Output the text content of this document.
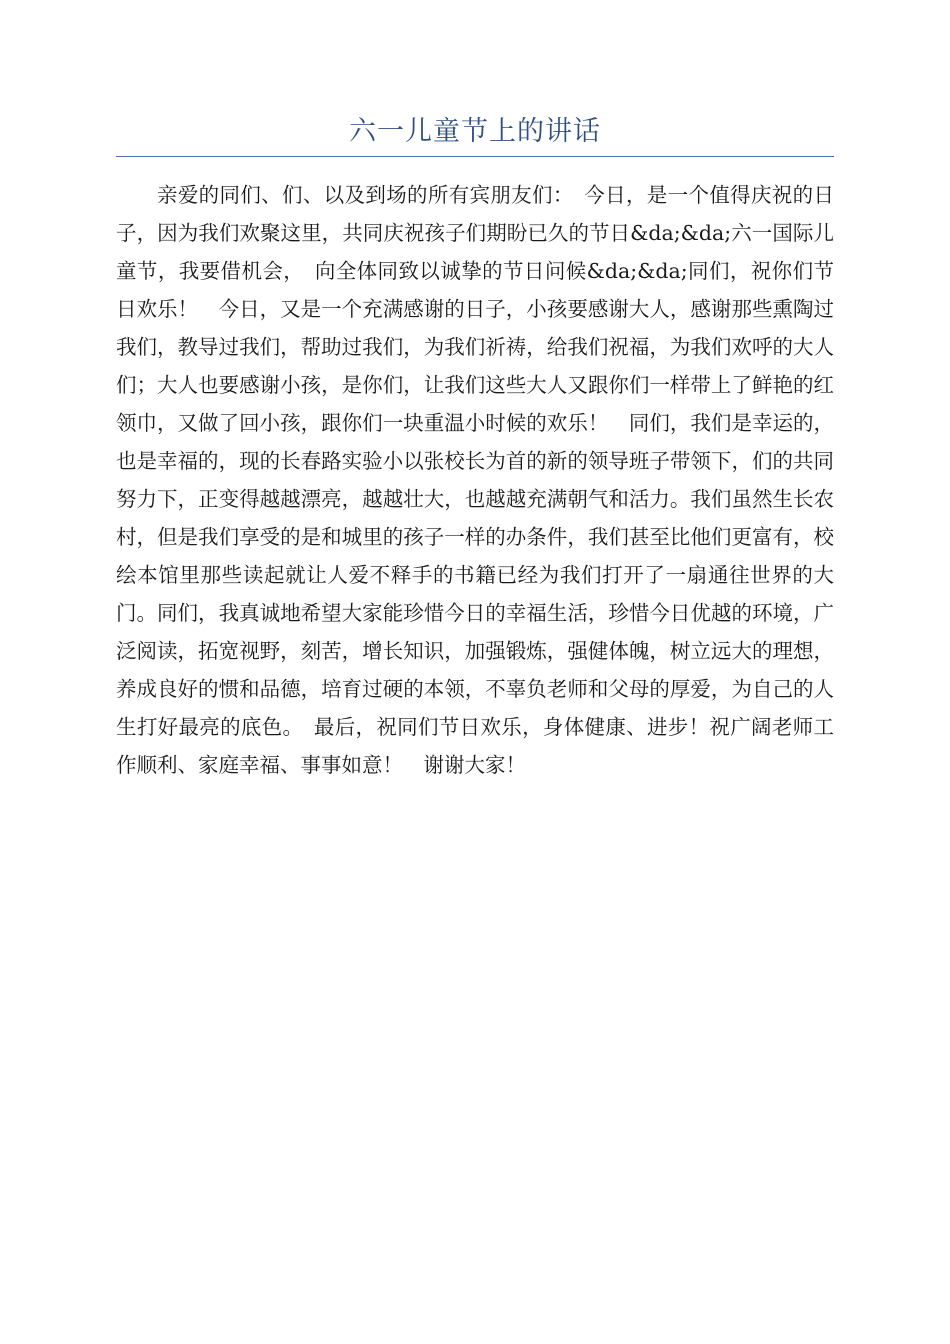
六一儿童节上的讲话

亲爱的同们、们、以及到场的所有宾朋友们：　今日，是一个值得庆祝的日子，因为我们欢聚这里，共同庆祝孩子们期盼已久的节日&da;&da;六一国际儿童节，我要借机会，　向全体同致以诚挚的节日问候&da;&da;同们，祝你们节日欢乐！　今日，又是一个充满感谢的日子，小孩要感谢大人，感谢那些熏陶过我们，教导过我们，帮助过我们，为我们祈祷，给我们祝福，为我们欢呼的大人们；大人也要感谢小孩，是你们，让我们这些大人又跟你们一样带上了鲜艳的红领巾，又做了回小孩，跟你们一块重温小时候的欢乐！　同们，我们是幸运的，也是幸福的，现的长春路实验小以张校长为首的新的领导班子带领下，们的共同努力下，正变得越越漂亮，越越壮大，也越越充满朝气和活力。我们虽然生长农村，但是我们享受的是和城里的孩子一样的办条件，我们甚至比他们更富有，校绘本馆里那些读起就让人爱不释手的书籍已经为我们打开了一扇通往世界的大门。同们，我真诚地希望大家能珍惜今日的幸福生活，珍惜今日优越的环境，广泛阅读，拓宽视野，刻苦，增长知识，加强锻炼，强健体魄，树立远大的理想，养成良好的惯和品德，培育过硬的本领，不辜负老师和父母的厚爱，为自己的人生打好最亮的底色。　最后，祝同们节日欢乐，身体健康、进步！祝广阔老师工作顺利、家庭幸福、事事如意！　谢谢大家！
